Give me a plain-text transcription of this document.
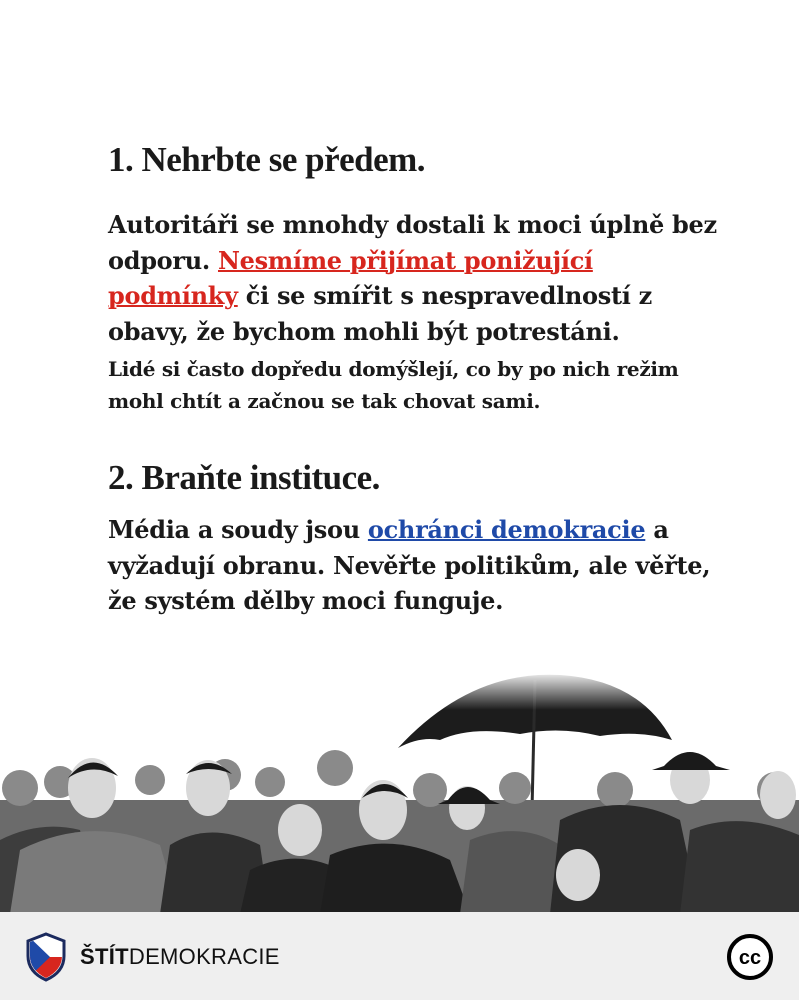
1. Nehrbte se předem.

Autoritáři se mnohdy dostali k moci úplně bez odporu. Nesmíme přijímat ponižující podmínky či se smířit s nespravedlností z obavy, že bychom mohli být potrestáni.

Lidé si často dopředu domýšlejí, co by po nich režim mohl chtít a začnou se tak chovat sami.

2. Braňte instituce.

Média a soudy jsou ochránci demokracie a vyžadují obranu. Nevěřte politikům, ale věřte, že systém dělby moci funguje.

ŠTÍTDEMOKRACIE	cc
